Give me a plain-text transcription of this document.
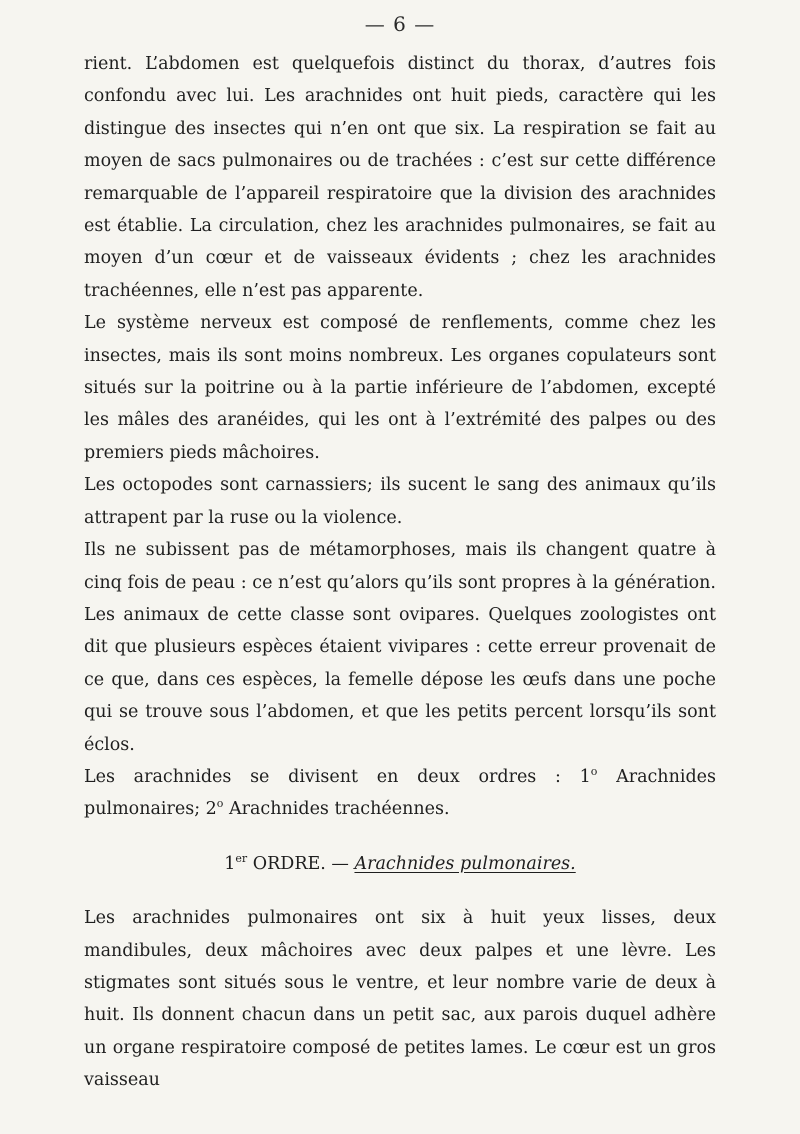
— 6 —

rient. L’abdomen est quelquefois distinct du thorax, d’autres fois confondu avec lui. Les arachnides ont huit pieds, caractère qui les distingue des insectes qui n’en ont que six. La respiration se fait au moyen de sacs pulmonaires ou de trachées : c’est sur cette différence remarquable de l’appareil respiratoire que la division des arachnides est établie. La circulation, chez les arachnides pulmonaires, se fait au moyen d’un cœur et de vaisseaux évidents ; chez les arachnides trachéennes, elle n’est pas apparente.

Le système nerveux est composé de renflements, comme chez les insectes, mais ils sont moins nombreux. Les organes copulateurs sont situés sur la poitrine ou à la partie inférieure de l’abdomen, excepté les mâles des aranéides, qui les ont à l’extrémité des palpes ou des premiers pieds mâchoires.

Les octopodes sont carnassiers; ils sucent le sang des animaux qu’ils attrapent par la ruse ou la violence.

Ils ne subissent pas de métamorphoses, mais ils changent quatre à cinq fois de peau : ce n’est qu’alors qu’ils sont propres à la génération. Les animaux de cette classe sont ovipares. Quelques zoologistes ont dit que plusieurs espèces étaient vivipares : cette erreur provenait de ce que, dans ces espèces, la femelle dépose les œufs dans une poche qui se trouve sous l’abdomen, et que les petits percent lorsqu’ils sont éclos.

Les arachnides se divisent en deux ordres : 1$^o$ Arachnides pulmonaires; 2$^o$ Arachnides trachéennes.

1er ORDRE. — Arachnides pulmonaires.

Les arachnides pulmonaires ont six à huit yeux lisses, deux mandibules, deux mâchoires avec deux palpes et une lèvre. Les stigmates sont situés sous le ventre, et leur nombre varie de deux à huit. Ils donnent chacun dans un petit sac, aux parois duquel adhère un organe respiratoire composé de petites lames. Le cœur est un gros vaisseau
